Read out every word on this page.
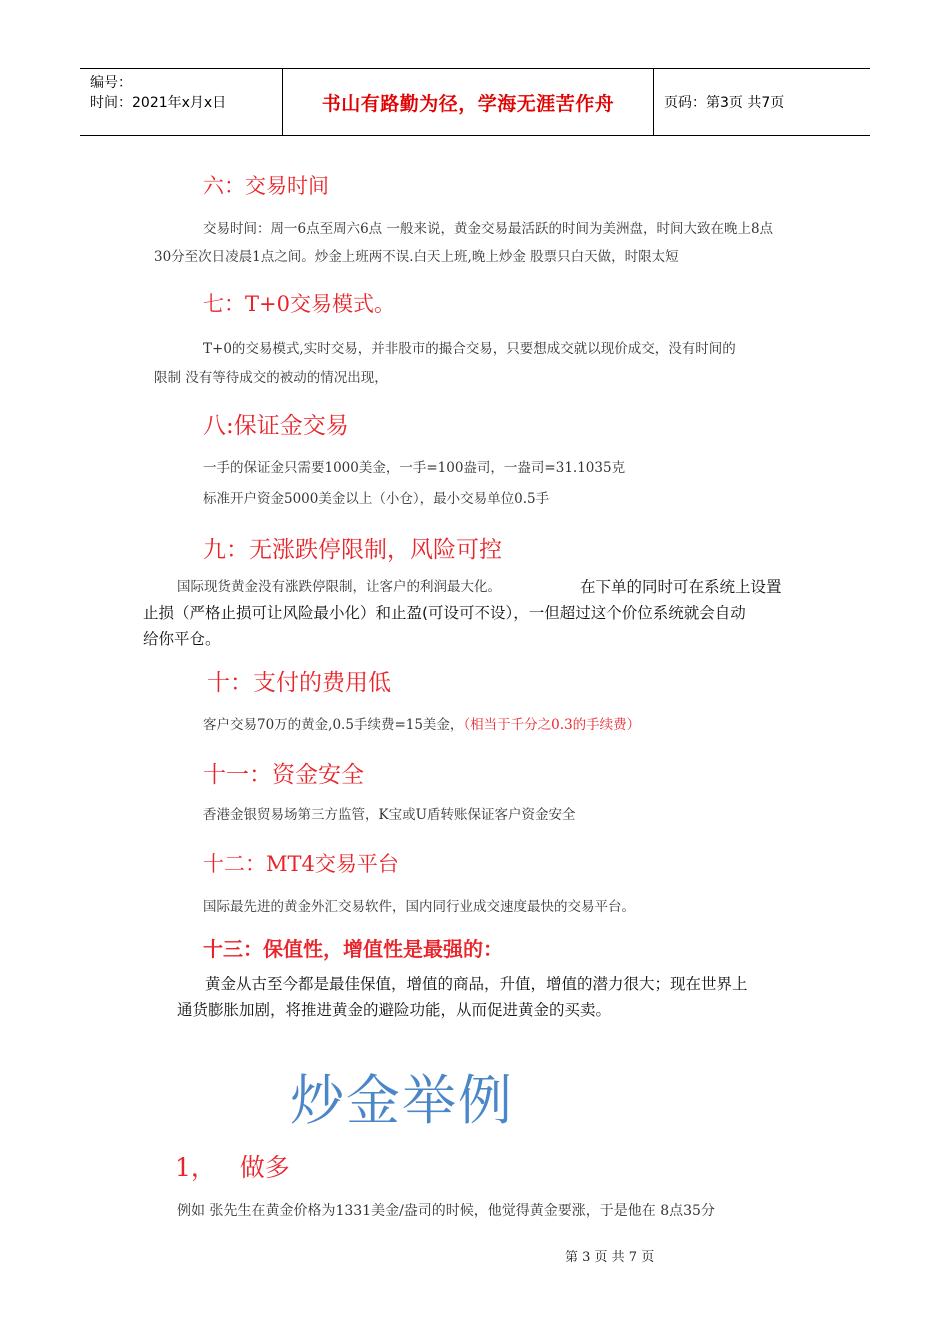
编号：
时间：2021年x月x日	书山有路勤为径，学海无涯苦作舟	页码：第3页 共7页
六：交易时间
交易时间：周一6点至周六6点 一般来说，黄金交易最活跃的时间为美洲盘，时间大致在晚上8点
30分至次日凌晨1点之间。炒金上班两不误.白天上班,晚上炒金 股票只白天做，时限太短
七：T+0交易模式。
T+0的交易模式,实时交易，并非股市的撮合交易，只要想成交就以现价成交，没有时间的
限制 没有等待成交的被动的情况出现，
八:保证金交易
一手的保证金只需要1000美金，一手=100盎司，一盎司=31.1035克
标准开户资金5000美金以上（小仓），最小交易单位0.5手
九：无涨跌停限制，风险可控
国际现货黄金没有涨跌停限制，让客户的利润最大化。	在下单的同时可在系统上设置
止损（严格止损可让风险最小化）和止盈(可设可不设），一但超过这个价位系统就会自动
给你平仓。
十：支付的费用低
客户交易70万的黄金,0.5手续费=15美金，（相当于千分之0.3的手续费）
十一：资金安全
香港金银贸易场第三方监管，K宝或U盾转账保证客户资金安全
十二：MT4交易平台
国际最先进的黄金外汇交易软件，国内同行业成交速度最快的交易平台。
十三：保值性，增值性是最强的：
黄金从古至今都是最佳保值，增值的商品，升值，增值的潜力很大；现在世界上
通货膨胀加剧，将推进黄金的避险功能，从而促进黄金的买卖。
炒金举例
1，   做多
例如 张先生在黄金价格为1331美金/盎司的时候，他觉得黄金要涨，于是他在 8点35分
第 3 页 共 7 页
